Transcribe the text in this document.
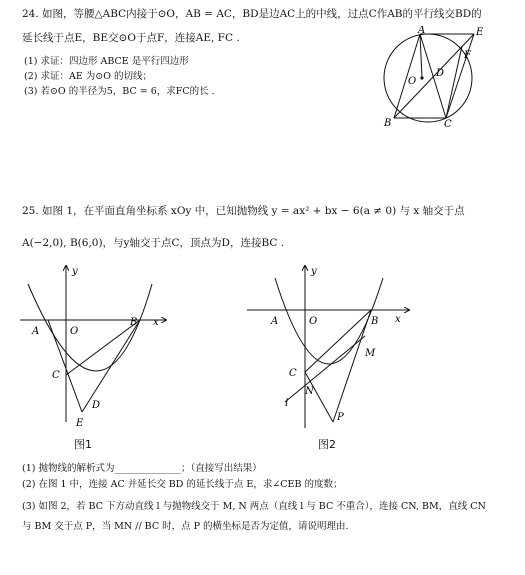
24. 如图，等腰△ABC内接于⊙O，AB = AC，BD是边AC上的中线，过点C作AB的平行线交BD的
延长线于点E，BE交⊙O于点F，连接AE, FC .
(1) 求证：四边形 ABCE 是平行四边形
(2) 求证：AE 为⊙O 的切线；
(3) 若⊙O 的半径为5，BC = 6，求FC的长 .
A	E
O
D
F
B	C
25. 如图 1，在平面直角坐标系 xOy 中，已知抛物线 y = ax² + bx − 6(a ≠ 0) 与 x 轴交于点
A(−2,0), B(6,0)，与y轴交于点C，顶点为D，连接BC .
x
y
A	O
B
C
D
E
图1
x
y
A	O	B
C
M
N
l
P
图2
(1) 抛物线的解析式为______________；（直接写出结果）
(2) 在图 1 中，连接 AC 并延长交 BD 的延长线于点 E，求∠CEB 的度数；
(3) 如图 2，若 BC 下方动直线 l 与抛物线交于 M, N 两点（直线 l 与 BC 不重合），连接 CN, BM，直线 CN
与 BM 交于点 P，当 MN // BC 时，点 P 的横坐标是否为定值，请说明理由.
